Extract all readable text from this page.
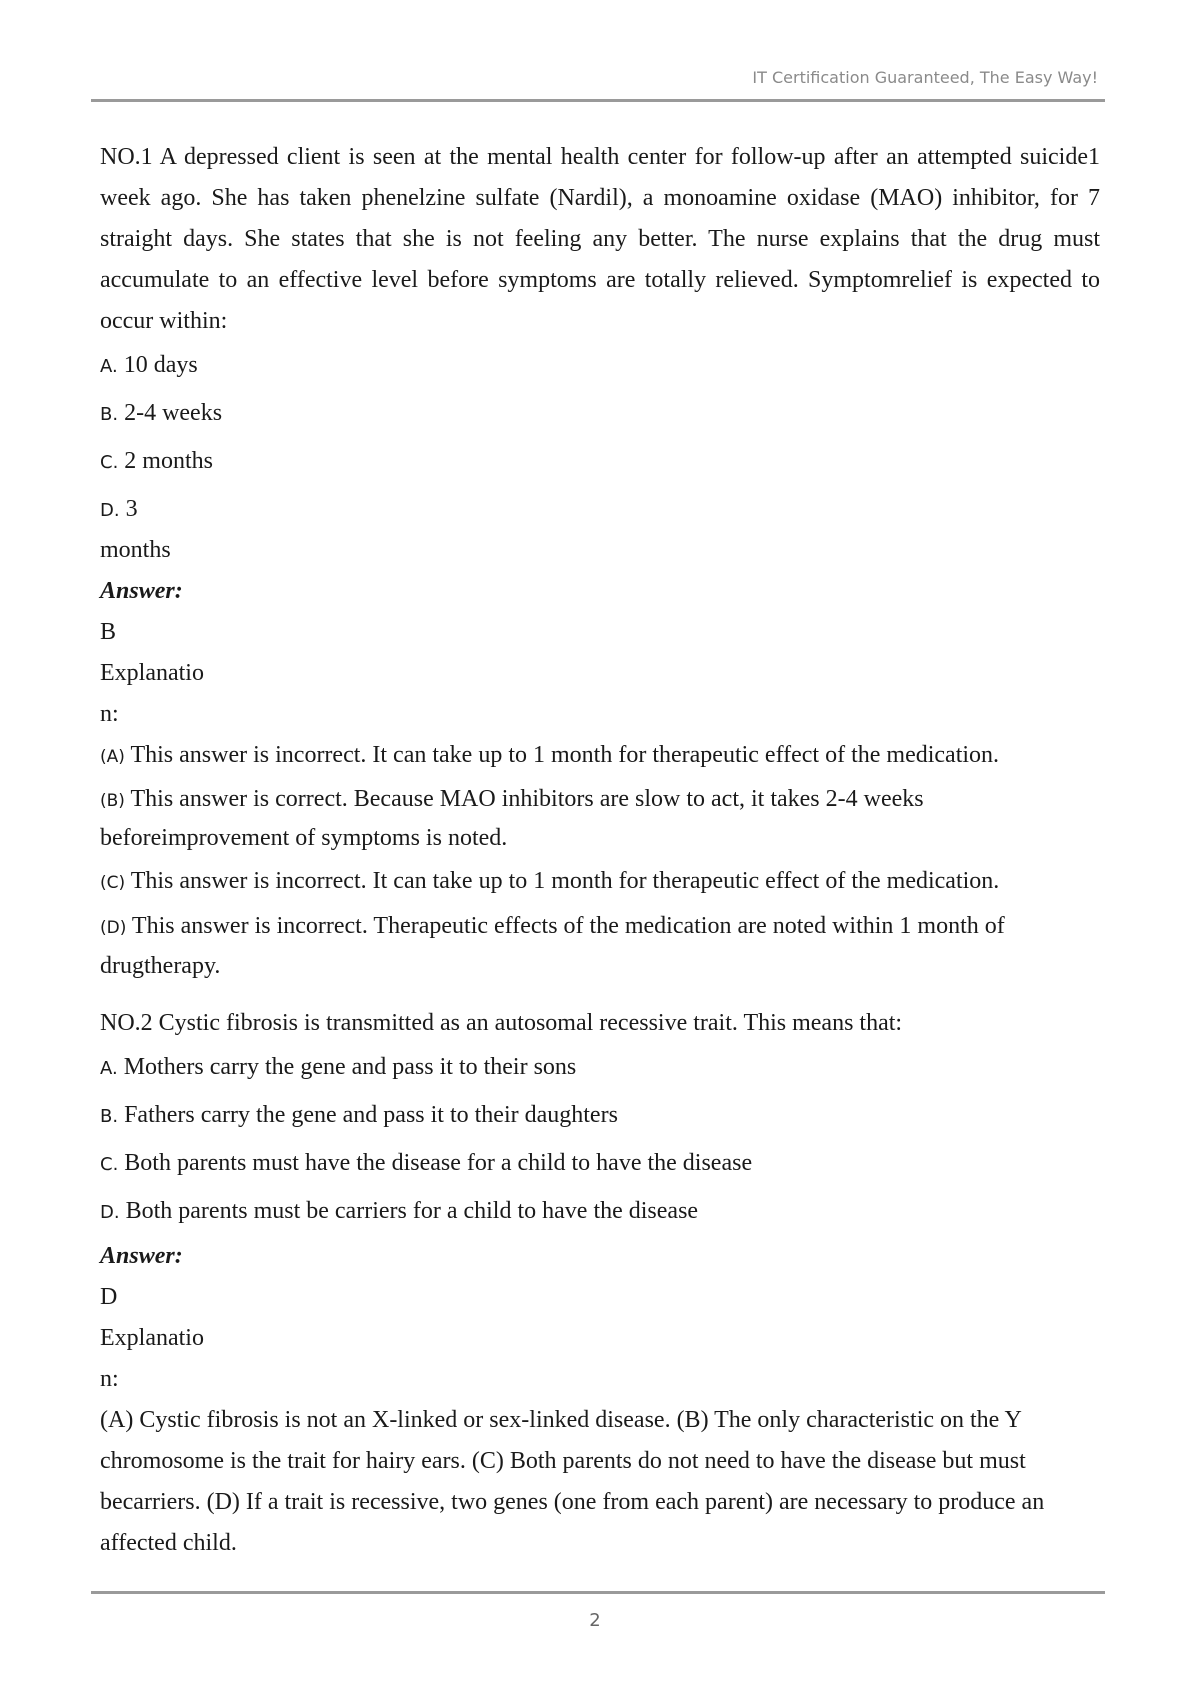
IT Certification Guaranteed, The Easy Way!

NO.1 A depressed client is seen at the mental health center for follow-up after an attempted suicide1 week ago. She has taken phenelzine sulfate (Nardil), a monoamine oxidase (MAO) inhibitor, for 7 straight days. She states that she is not feeling any better. The nurse explains that the drug must accumulate to an effective level before symptoms are totally relieved. Symptomrelief is expected to occur within:

A. 10 days

B. 2-4 weeks

C. 2 months

D. 3

months

Answer:

B

Explanatio

n:

(A) This answer is incorrect. It can take up to 1 month for therapeutic effect of the medication.

(B) This answer is correct. Because MAO inhibitors are slow to act, it takes 2-4 weeks beforeimprovement of symptoms is noted.

(C) This answer is incorrect. It can take up to 1 month for therapeutic effect of the medication.

(D) This answer is incorrect. Therapeutic effects of the medication are noted within 1 month of drugtherapy.

NO.2 Cystic fibrosis is transmitted as an autosomal recessive trait. This means that:

A. Mothers carry the gene and pass it to their sons

B. Fathers carry the gene and pass it to their daughters

C. Both parents must have the disease for a child to have the disease

D. Both parents must be carriers for a child to have the disease

Answer:

D

Explanatio

n:

(A) Cystic fibrosis is not an X-linked or sex-linked disease. (B) The only characteristic on the Y chromosome is the trait for hairy ears. (C) Both parents do not need to have the disease but must becarriers. (D) If a trait is recessive, two genes (one from each parent) are necessary to produce an affected child.

2
